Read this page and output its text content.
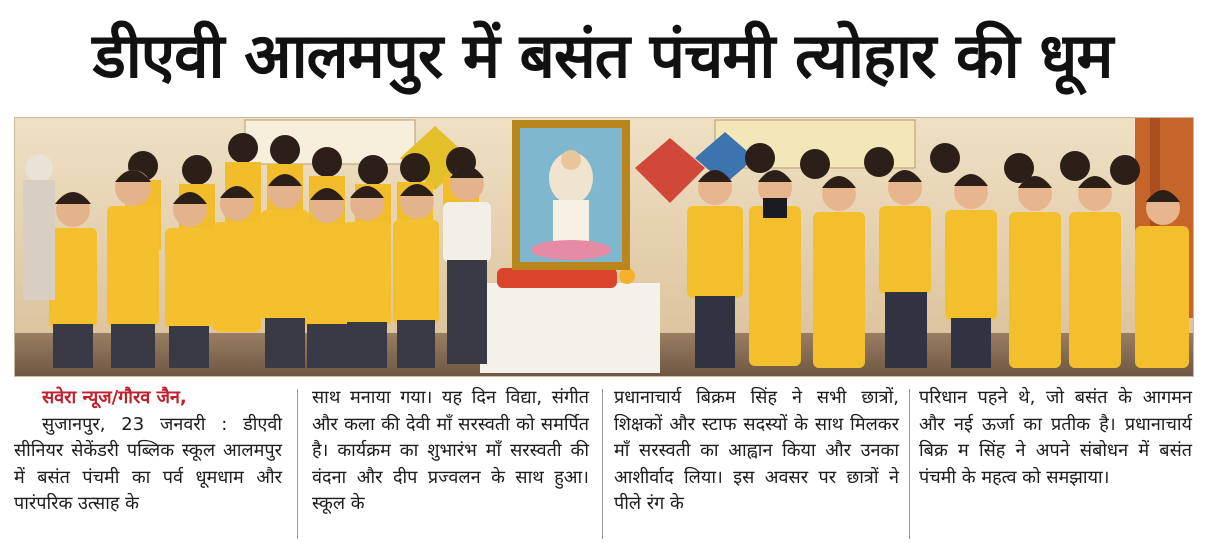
डीएवी आलमपुर में बसंत पंचमी त्योहार की धूम
सवेरा न्यूज/गौरव जैन,

सुजानपुर, 23 जनवरी : डीएवी सीनियर सेकेंडरी पब्लिक स्कूल आलमपुर में बसंत पंचमी का पर्व धूमधाम और पारंपरिक उत्साह के

साथ मनाया गया। यह दिन विद्या, संगीत और कला की देवी माँ सरस्वती को समर्पित है। कार्यक्रम का शुभारंभ माँ सरस्वती की वंदना और दीप प्रज्वलन के साथ हुआ। स्कूल के

प्रधानाचार्य बिक्रम सिंह ने सभी छात्रों, शिक्षकों और स्टाफ सदस्यों के साथ मिलकर माँ सरस्वती का आह्वान किया और उनका आशीर्वाद लिया। इस अवसर पर छात्रों ने पीले रंग के

परिधान पहने थे, जो बसंत के आगमन और नई ऊर्जा का प्रतीक है। प्रधानाचार्य बिक्र म सिंह ने अपने संबोधन में बसंत पंचमी के महत्व को समझाया।
